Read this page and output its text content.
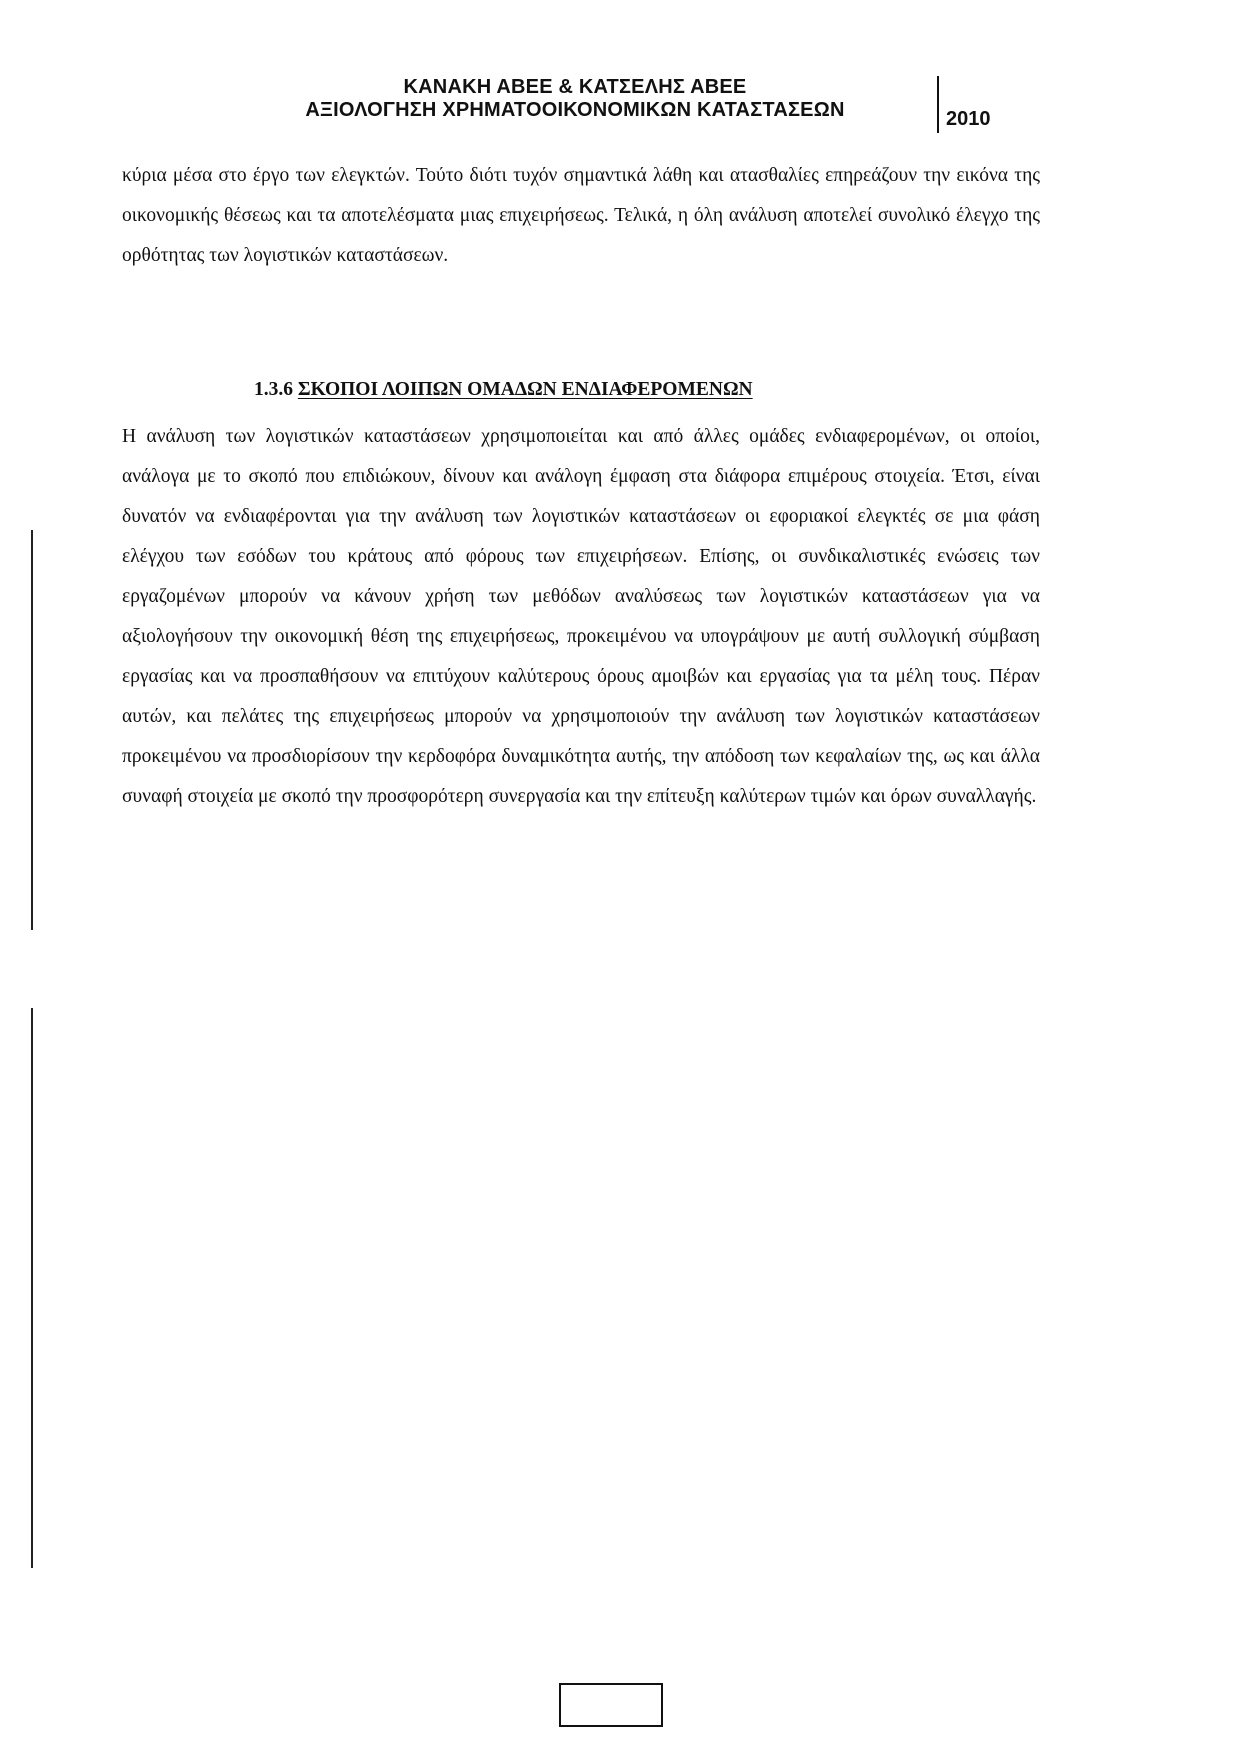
ΚΑΝΑΚΗ ΑΒΕΕ & ΚΑΤΣΕΛΗΣ ΑΒΕΕ
ΑΞΙΟΛΟΓΗΣΗ ΧΡΗΜΑΤΟΟΙΚΟΝΟΜΙΚΩΝ ΚΑΤΑΣΤΑΣΕΩΝ	2010
κύρια μέσα στο έργο των ελεγκτών. Τούτο διότι τυχόν σημαντικά λάθη και ατασθαλίες επηρεάζουν την εικόνα της οικονομικής θέσεως και τα αποτελέσματα μιας επιχειρήσεως. Τελικά, η όλη ανάλυση αποτελεί συνολικό έλεγχο της ορθότητας των λογιστικών καταστάσεων.
1.3.6 ΣΚΟΠΟΙ ΛΟΙΠΩΝ ΟΜΑΔΩΝ ΕΝΔΙΑΦΕΡΟΜΕΝΩΝ
Η ανάλυση των λογιστικών καταστάσεων χρησιμοποιείται και από άλλες ομάδες ενδιαφερομένων, οι οποίοι, ανάλογα με το σκοπό που επιδιώκουν, δίνουν και ανάλογη έμφαση στα διάφορα επιμέρους στοιχεία. Έτσι, είναι δυνατόν να ενδιαφέρονται για την ανάλυση των λογιστικών καταστάσεων οι εφοριακοί ελεγκτές σε μια φάση ελέγχου των εσόδων του κράτους από φόρους των επιχειρήσεων. Επίσης, οι συνδικαλιστικές ενώσεις των εργαζομένων μπορούν να κάνουν χρήση των μεθόδων αναλύσεως των λογιστικών καταστάσεων για να αξιολογήσουν την οικονομική θέση της επιχειρήσεως, προκειμένου να υπογράψουν με αυτή συλλογική σύμβαση εργασίας και να προσπαθήσουν να επιτύχουν καλύτερους όρους αμοιβών και εργασίας για τα μέλη τους. Πέραν αυτών, και πελάτες της επιχειρήσεως μπορούν να χρησιμοποιούν την ανάλυση των λογιστικών καταστάσεων προκειμένου να προσδιορίσουν την κερδοφόρα δυναμικότητα αυτής, την απόδοση των κεφαλαίων της, ως και άλλα συναφή στοιχεία με σκοπό την προσφορότερη συνεργασία και την επίτευξη καλύτερων τιμών και όρων συναλλαγής.
